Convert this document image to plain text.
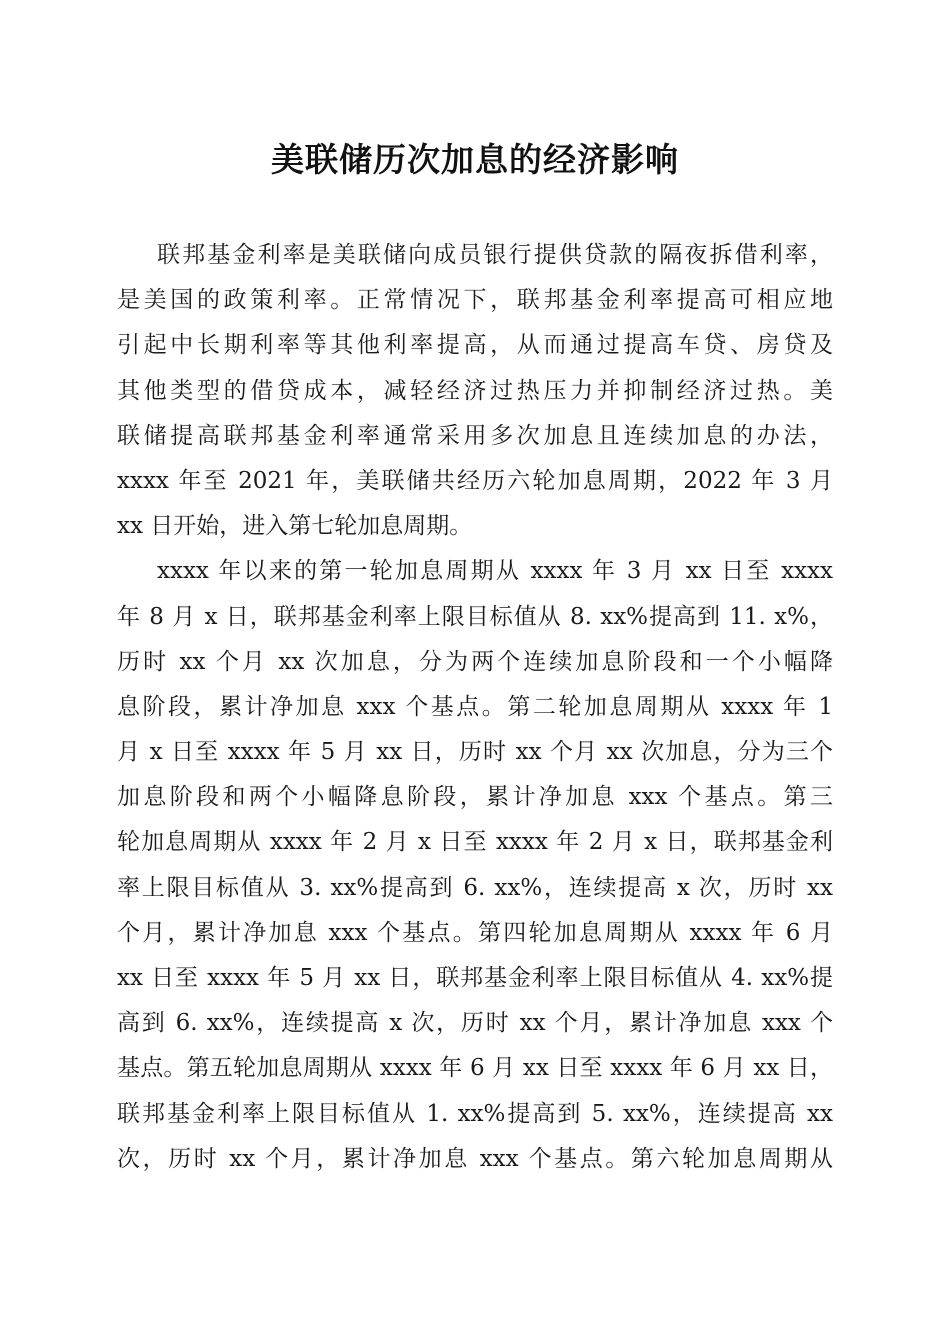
美联储历次加息的经济影响
联邦基金利率是美联储向成员银行提供贷款的隔夜拆借利率，
是美国的政策利率。正常情况下，联邦基金利率提高可相应地
引起中长期利率等其他利率提高，从而通过提高车贷、房贷及
其他类型的借贷成本，减轻经济过热压力并抑制经济过热。美
联储提高联邦基金利率通常采用多次加息且连续加息的办法，
xxxx 年至 2021 年，美联储共经历六轮加息周期，2022 年 3 月
xx 日开始，进入第七轮加息周期。
xxxx 年以来的第一轮加息周期从 xxxx 年 3 月 xx 日至 xxxx
年 8 月 x 日，联邦基金利率上限目标值从 8. xx%提高到 11. x%，
历时 xx 个月 xx 次加息，分为两个连续加息阶段和一个小幅降
息阶段，累计净加息 xxx 个基点。第二轮加息周期从 xxxx 年 1
月 x 日至 xxxx 年 5 月 xx 日，历时 xx 个月 xx 次加息，分为三个
加息阶段和两个小幅降息阶段，累计净加息 xxx 个基点。第三
轮加息周期从 xxxx 年 2 月 x 日至 xxxx 年 2 月 x 日，联邦基金利
率上限目标值从 3. xx%提高到 6. xx%，连续提高 x 次，历时 xx
个月，累计净加息 xxx 个基点。第四轮加息周期从 xxxx 年 6 月
xx 日至 xxxx 年 5 月 xx 日，联邦基金利率上限目标值从 4. xx%提
高到 6. xx%，连续提高 x 次，历时 xx 个月，累计净加息 xxx 个
基点。第五轮加息周期从 xxxx 年 6 月 xx 日至 xxxx 年 6 月 xx 日，
联邦基金利率上限目标值从 1. xx%提高到 5. xx%，连续提高 xx
次，历时 xx 个月，累计净加息 xxx 个基点。第六轮加息周期从
